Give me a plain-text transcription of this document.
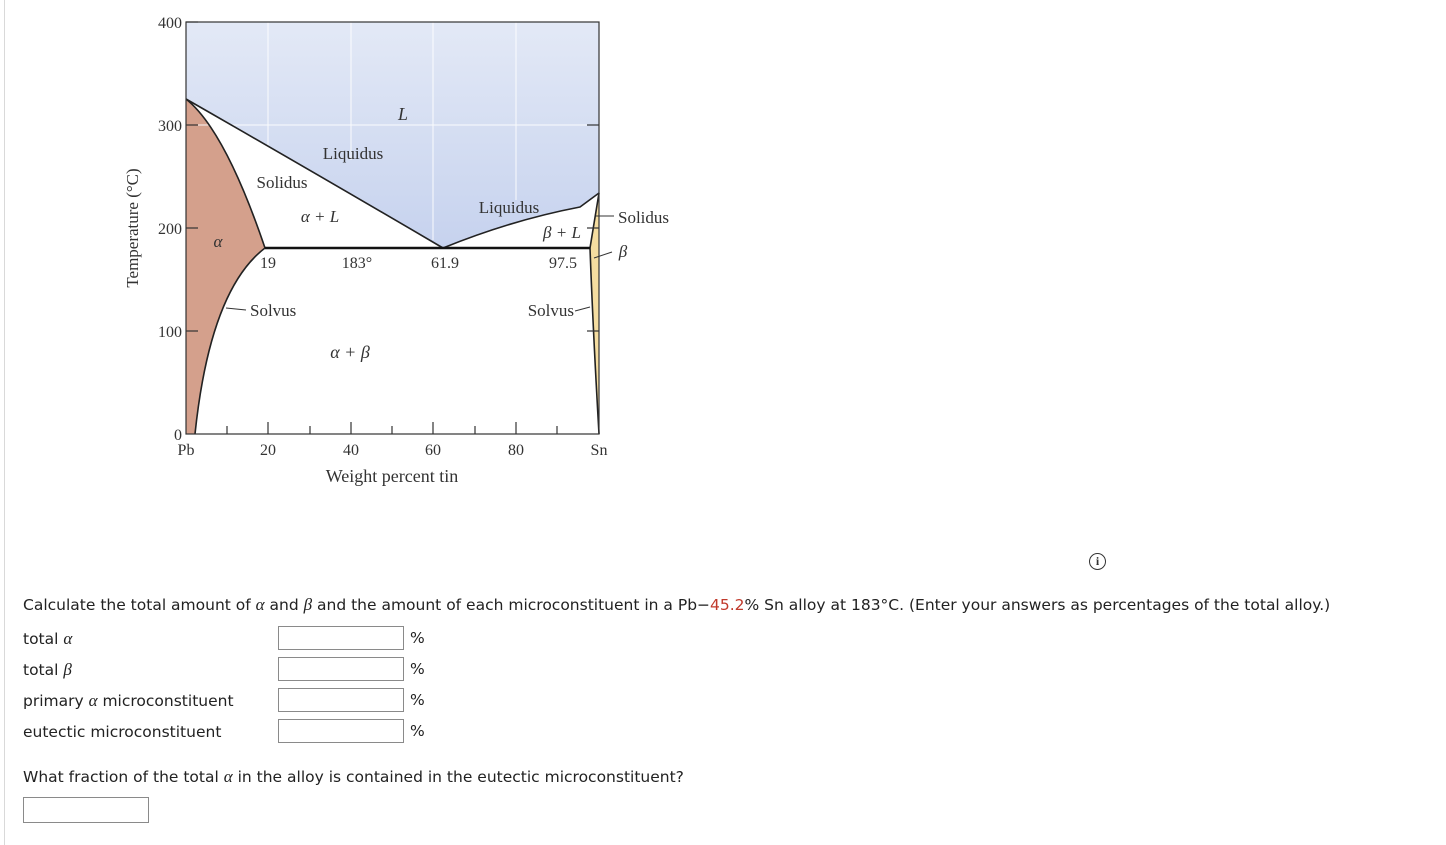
400
300
200
100
0
Pb	20	40	60	80	Sn
Weight percent tin
Temperature (°C)
L
α
α + L
β + L
α + β
β
Liquidus
Liquidus
Solidus
Solidus
Solvus	Solvus
19	183°	61.9	97.5
i
Calculate the total amount of α and β and the amount of each microconstituent in a Pb−45.2% Sn alloy at 183°C. (Enter your answers as percentages of the total alloy.)
total α	%
total β	%
primary α microconstituent	%
eutectic microconstituent	%
What fraction of the total α in the alloy is contained in the eutectic microconstituent?
